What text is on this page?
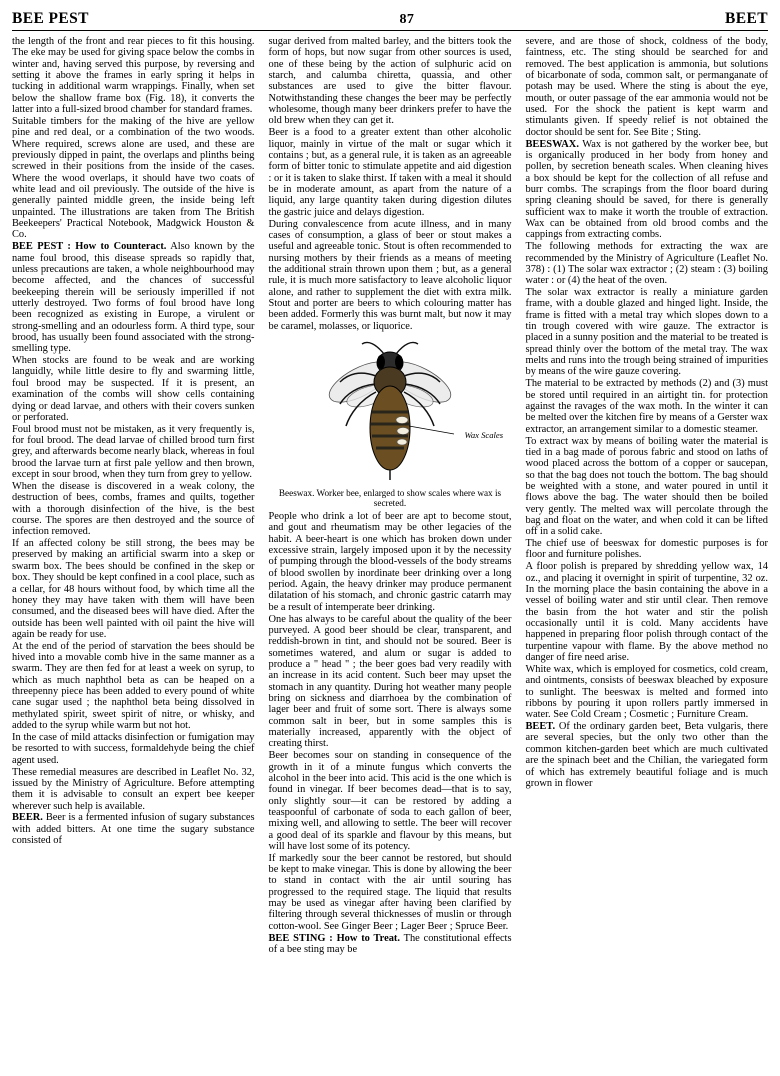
BEE PEST	87	BEET

the length of the front and rear pieces to fit this housing. The eke may be used for giving space below the combs in winter and, having served this purpose, by reversing and setting it above the frames in early spring it helps in tucking in additional warm wrappings. Finally, when set below the shallow frame box (Fig. 18), it converts the latter into a full-sized brood chamber for standard frames.

Suitable timbers for the making of the hive are yellow pine and red deal, or a combination of the two woods. Where required, screws alone are used, and these are previously dipped in paint, the overlaps and plinths being screwed in their positions from the inside of the cases. Where the wood overlaps, it should have two coats of white lead and oil previously. The outside of the hive is generally painted middle green, the inside being left unpainted. The illustrations are taken from The British Beekeepers' Practical Notebook, Madgwick Houston & Co.

BEE PEST : How to Counteract. Also known by the name foul brood, this disease spreads so rapidly that, unless precautions are taken, a whole neighbourhood may become affected, and the chances of successful beekeeping therein will be seriously imperilled if not utterly destroyed. Two forms of foul brood have long been recognized as existing in Europe, a virulent or strong-smelling and an odourless form. A third type, sour brood, has usually been found associated with the strong-smelling type.

When stocks are found to be weak and are working languidly, while little desire to fly and swarming little, foul brood may be suspected. If it is present, an examination of the combs will show cells containing dying or dead larvae, and others with their covers sunken or perforated.

Foul brood must not be mistaken, as it very frequently is, for foul brood. The dead larvae of chilled brood turn first grey, and afterwards become nearly black, whereas in foul brood the larvae turn at first pale yellow and then brown, except in sour brood, when they turn from grey to yellow.

When the disease is discovered in a weak colony, the destruction of bees, combs, frames and quilts, together with a thorough disinfection of the hive, is the best course. The spores are then destroyed and the source of infection removed.

If an affected colony be still strong, the bees may be preserved by making an artificial swarm into a skep or swarm box. The bees should be confined in the skep or box. They should be kept confined in a cool place, such as a cellar, for 48 hours without food, by which time all the honey they may have taken with them will have been consumed, and the diseased bees will have died. After the outside has been well painted with oil paint the hive will again be ready for use.

At the end of the period of starvation the bees should be hived into a movable comb hive in the same manner as a swarm. They are then fed for at least a week on syrup, to which as much naphthol beta as can be heaped on a threepenny piece has been added to every pound of white cane sugar used ; the naphthol beta being dissolved in methylated spirit, sweet spirit of nitre, or whisky, and added to the syrup while warm but not hot.

In the case of mild attacks disinfection or fumigation may be resorted to with success, formaldehyde being the chief agent used.

These remedial measures are described in Leaflet No. 32, issued by the Ministry of Agriculture. Before attempting them it is advisable to consult an expert bee keeper wherever such help is available.

BEER. Beer is a fermented infusion of sugary substances with added bitters. At one time the sugary substance consisted of

sugar derived from malted barley, and the bitters took the form of hops, but now sugar from other sources is used, one of these being by the action of sulphuric acid on starch, and calumba chiretta, quassia, and other substances are used to give the bitter flavour. Notwithstanding these changes the beer may be perfectly wholesome, though many beer drinkers prefer to have the old brew when they can get it.

Beer is a food to a greater extent than other alcoholic liquor, mainly in virtue of the malt or sugar which it contains ; but, as a general rule, it is taken as an agreeable form of bitter tonic to stimulate appetite and aid digestion : or it is taken to slake thirst. If taken with a meal it should be in moderate amount, as apart from the nature of a liquid, any large quantity taken during digestion dilutes the gastric juice and delays digestion.

During convalescence from acute illness, and in many cases of consumption, a glass of beer or stout makes a useful and agreeable tonic. Stout is often recommended to nursing mothers by their friends as a means of meeting the additional strain thrown upon them ; but, as a general rule, it is much more satisfactory to leave alcoholic liquor alone, and rather to supplement the diet with extra milk. Stout and porter are beers to which colouring matter has been added. Formerly this was burnt malt, but now it may be caramel, molasses, or liquorice.

Wax Scales
Beeswax. Worker bee, enlarged to show scales where wax is secreted.

People who drink a lot of beer are apt to become stout, and gout and rheumatism may be other legacies of the habit. A beer-heart is one which has broken down under excessive strain, largely imposed upon it by the necessity of pumping through the blood-vessels of the body streams of blood swollen by inordinate beer drinking over a long period. Again, the heavy drinker may produce permanent dilatation of his stomach, and chronic gastric catarrh may be a result of intemperate beer drinking.

One has always to be careful about the quality of the beer purveyed. A good beer should be clear, transparent, and reddish-brown in tint, and should not be soured. Beer is sometimes watered, and alum or sugar is added to produce a " head " ; the beer goes bad very readily with an increase in its acid content. Such beer may upset the stomach in any quantity. During hot weather many people bring on sickness and diarrhoea by the combination of lager beer and fruit of some sort. There is always some common salt in beer, but in some samples this is materially increased, apparently with the object of creating thirst.

Beer becomes sour on standing in consequence of the growth in it of a minute fungus which converts the alcohol in the beer into acid. This acid is the one which is found in vinegar. If beer becomes dead—that is to say, only slightly sour—it can be restored by adding a teaspoonful of carbonate of soda to each gallon of beer, mixing well, and allowing to settle. The beer will recover a good deal of its sparkle and flavour by this means, but will have lost some of its potency.

If markedly sour the beer cannot be restored, but should be kept to make vinegar. This is done by allowing the beer to stand in contact with the air until souring has progressed to the required stage. The liquid that results may be used as vinegar after having been clarified by filtering through several thicknesses of muslin or through cotton-wool. See Ginger Beer ; Lager Beer ; Spruce Beer.

BEE STING : How to Treat. The constitutional effects of a bee sting may be

severe, and are those of shock, coldness of the body, faintness, etc. The sting should be searched for and removed. The best application is ammonia, but solutions of bicarbonate of soda, common salt, or permanganate of potash may be used. Where the sting is about the eye, mouth, or outer passage of the ear ammonia would not be used. For the shock the patient is kept warm and stimulants given. If speedy relief is not obtained the doctor should be sent for. See Bite ; Sting.

BEESWAX. Wax is not gathered by the worker bee, but is organically produced in her body from honey and pollen, by secretion beneath scales. When cleaning hives a box should be kept for the collection of all refuse and burr combs. The scrapings from the floor board during spring cleaning should be saved, for there is generally sufficient wax to make it worth the trouble of extraction. Wax can be obtained from old brood combs and the cappings from extracting combs.

The following methods for extracting the wax are recommended by the Ministry of Agriculture (Leaflet No. 378) : (1) The solar wax extractor ; (2) steam : (3) boiling water : or (4) the heat of the oven.

The solar wax extractor is really a miniature garden frame, with a double glazed and hinged light. Inside, the frame is fitted with a metal tray which slopes down to a tin trough covered with wire gauze. The extractor is placed in a sunny position and the material to be treated is spread thinly over the bottom of the metal tray. The wax melts and runs into the trough being strained of impurities by means of the wire gauze covering.

The material to be extracted by methods (2) and (3) must be stored until required in an airtight tin. for protection against the ravages of the wax moth. In the winter it can be melted over the kitchen fire by means of a Gerster wax extractor, an arrangement similar to a domestic steamer.

To extract wax by means of boiling water the material is tied in a bag made of porous fabric and stood on laths of wood placed across the bottom of a copper or saucepan, so that the bag does not touch the bottom. The bag should be weighted with a stone, and water poured in until it flows above the bag. The water should then be boiled very gently. The melted wax will percolate through the bag and float on the water, and when cold it can be lifted off in a solid cake.

The chief use of beeswax for domestic purposes is for floor and furniture polishes.

A floor polish is prepared by shredding yellow wax, 14 oz., and placing it overnight in spirit of turpentine, 32 oz. In the morning place the basin containing the above in a vessel of boiling water and stir until clear. Then remove the basin from the hot water and stir the polish occasionally until it is cold. Many accidents have happened in preparing floor polish through contact of the turpentine vapour with flame. By the above method no danger of fire need arise.

White wax, which is employed for cosmetics, cold cream, and ointments, consists of beeswax bleached by exposure to sunlight. The beeswax is melted and formed into ribbons by pouring it upon rollers partly immersed in water. See Cold Cream ; Cosmetic ; Furniture Cream.

BEET. Of the ordinary garden beet, Beta vulgaris, there are several species, but the only two other than the common kitchen-garden beet which are much cultivated are the spinach beet and the Chilian, the variegated form of which has extremely beautiful foliage and is much grown in flower
